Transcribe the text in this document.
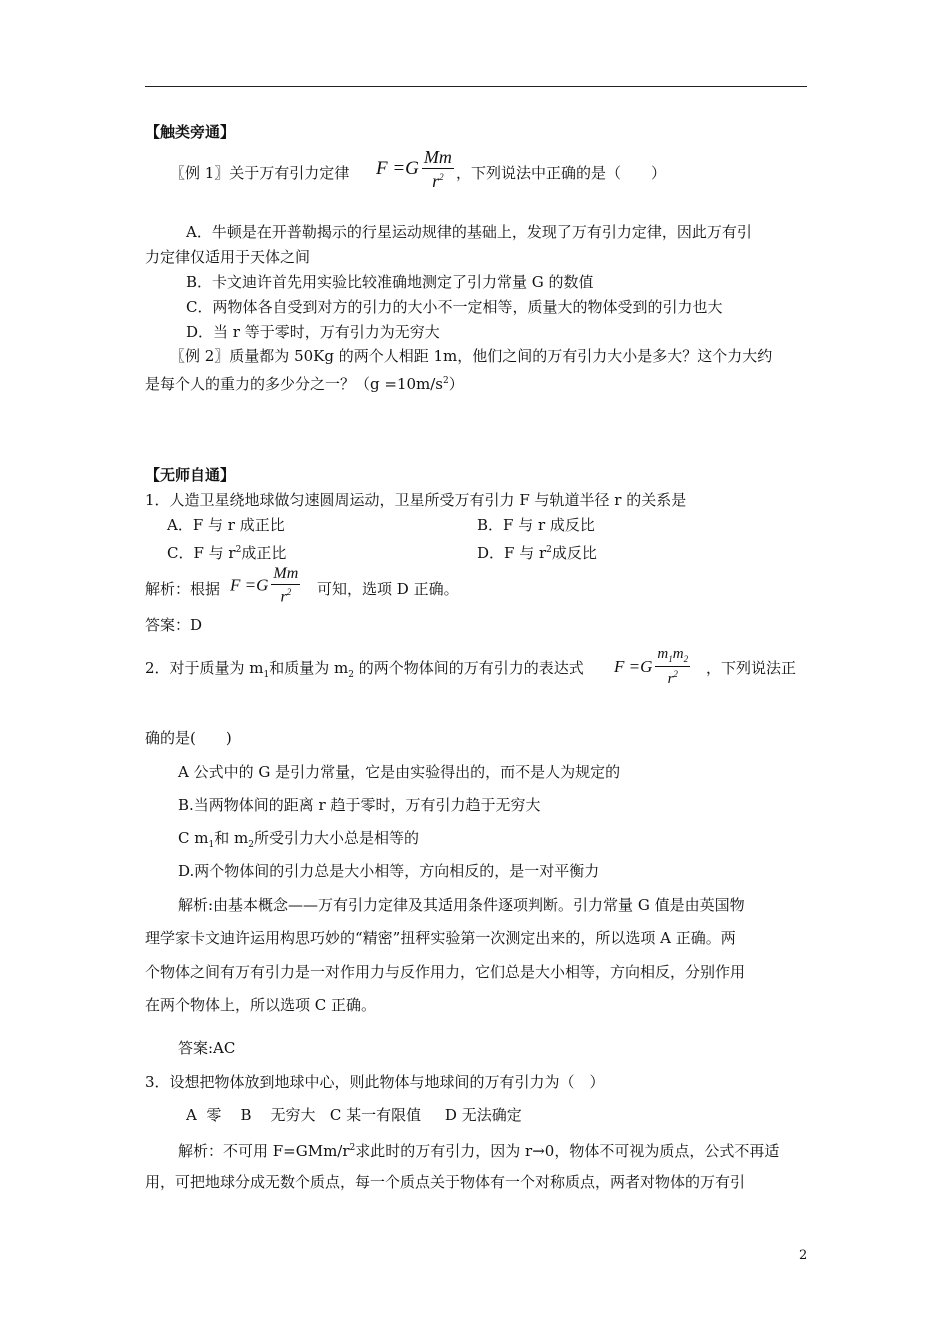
【触类旁通】
〖例 1〗关于万有引力定律 $F =G \frac{Mm}{r^2}$ ，下列说法中正确的是（　　）
A．牛顿是在开普勒揭示的行星运动规律的基础上，发现了万有引力定律，因此万有引
力定律仅适用于天体之间
B．卡文迪许首先用实验比较准确地测定了引力常量 G 的数值
C．两物体各自受到对方的引力的大小不一定相等，质量大的物体受到的引力也大
D．当 r 等于零时，万有引力为无穷大
〖例 2〗质量都为 50Kg 的两个人相距 1m，他们之间的万有引力大小是多大？这个力大约
是每个人的重力的多少分之一？$(g =10m/s^2)$
【无师自通】
1．人造卫星绕地球做匀速圆周运动，卫星所受万有引力 F 与轨道半径 r 的关系是
A．F 与 r 成正比	B．F 与 r 成反比
C．F 与 $r^2$成正比	D．F 与 $r^2$成反比
解析：根据 $F =G \frac{Mm}{r^2}$ 可知，选项 D 正确。
答案：D
2．对于质量为 $m_1$和质量为 $m_2$ 的两个物体间的万有引力的表达式 $F =G \frac{m_1m_2}{r^2}$ ，下列说法正
确的是(　　)
A 公式中的 G 是引力常量，它是由实验得出的，而不是人为规定的
B.当两物体间的距离 r 趋于零时，万有引力趋于无穷大
C $m_1$和 $m_2$所受引力大小总是相等的
D.两个物体间的引力总是大小相等，方向相反的，是一对平衡力
解析:由基本概念——万有引力定律及其适用条件逐项判断。引力常量 G 值是由英国物
理学家卡文迪许运用构思巧妙的“精密”扭秤实验第一次测定出来的，所以选项 A 正确。两
个物体之间有万有引力是一对作用力与反作用力，它们总是大小相等，方向相反，分别作用
在两个物体上，所以选项 C 正确。
答案:AC
3．设想把物体放到地球中心，则此物体与地球间的万有引力为（　）
A  零    B    无穷大   C 某一有限值     D 无法确定
解析：不可用 $F=GMm/r^2$求此时的万有引力，因为 r→0，物体不可视为质点，公式不再适
用，可把地球分成无数个质点，每一个质点关于物体有一个对称质点，两者对物体的万有引
2
